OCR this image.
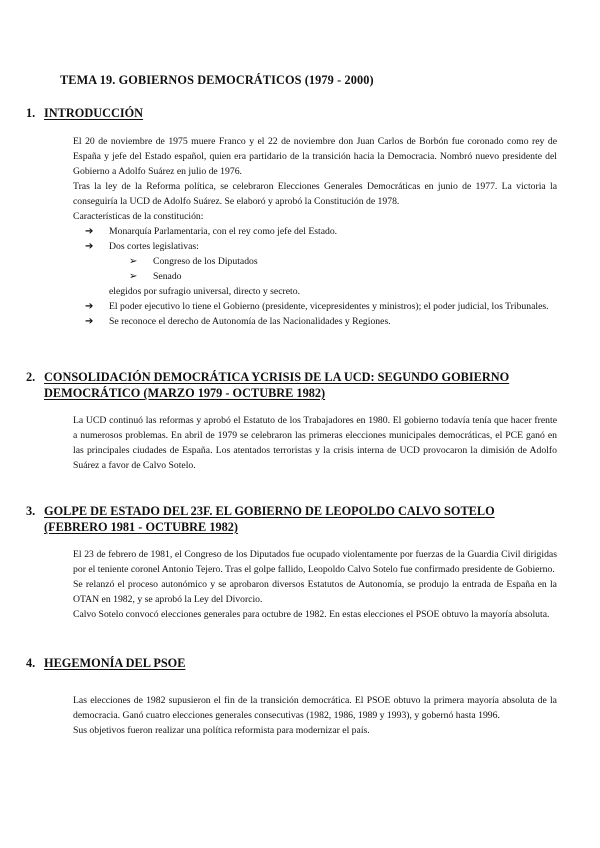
TEMA 19. GOBIERNOS DEMOCRÁTICOS (1979 - 2000)
1. INTRODUCCIÓN

El 20 de noviembre de 1975 muere Franco y el 22 de noviembre don Juan Carlos de Borbón fue coronado como rey de España y jefe del Estado español, quien era partidario de la transición hacia la Democracia. Nombró nuevo presidente del Gobierno a Adolfo Suárez en julio de 1976.

Tras la ley de la Reforma política, se celebraron Elecciones Generales Democráticas en junio de 1977. La victoria la conseguiría la UCD de Adolfo Suárez. Se elaboró y aprobó la Constitución de 1978.

Características de la constitución:

➔	Monarquía Parlamentaria, con el rey como jefe del Estado.
➔	Dos cortes legislativas:
➢	Congreso de los Diputados
➢	Senado
elegidos por sufragio universal, directo y secreto.
➔	El poder ejecutivo lo tiene el Gobierno (presidente, vicepresidentes y ministros); el poder judicial, los Tribunales.
➔	Se reconoce el derecho de Autonomía de las Nacionalidades y Regiones.
2. CONSOLIDACIÓN DEMOCRÁTICA YCRISIS DE LA UCD: SEGUNDO GOBIERNO DEMOCRÁTICO (MARZO 1979 - OCTUBRE 1982)

La UCD continuó las reformas y aprobó el Estatuto de los Trabajadores en 1980. El gobierno todavía tenía que hacer frente a numerosos problemas. En abril de 1979 se celebraron las primeras elecciones municipales democráticas, el PCE ganó en las principales ciudades de España. Los atentados terroristas y la crisis interna de UCD provocaron la dimisión de Adolfo Suárez a favor de Calvo Sotelo.

3. GOLPE DE ESTADO DEL 23F. EL GOBIERNO DE LEOPOLDO CALVO SOTELO (FEBRERO 1981 - OCTUBRE 1982)

El 23 de febrero de 1981, el Congreso de los Diputados fue ocupado violentamente por fuerzas de la Guardia Civil dirigidas por el teniente coronel Antonio Tejero. Tras el golpe fallido, Leopoldo Calvo Sotelo fue confirmado presidente de Gobierno.

Se relanzó el proceso autonómico y se aprobaron diversos Estatutos de Autonomía, se produjo la entrada de España en la OTAN en 1982, y se aprobó la Ley del Divorcio.

Calvo Sotelo convocó elecciones generales para octubre de 1982. En estas elecciones el PSOE obtuvo la mayoría absoluta.

4. HEGEMONÍA DEL PSOE

Las elecciones de 1982 supusieron el fin de la transición democrática. El PSOE obtuvo la primera mayoría absoluta de la democracia. Ganó cuatro elecciones generales consecutivas (1982, 1986, 1989 y 1993), y gobernó hasta 1996.

Sus objetivos fueron realizar una política reformista para modernizar el país.
